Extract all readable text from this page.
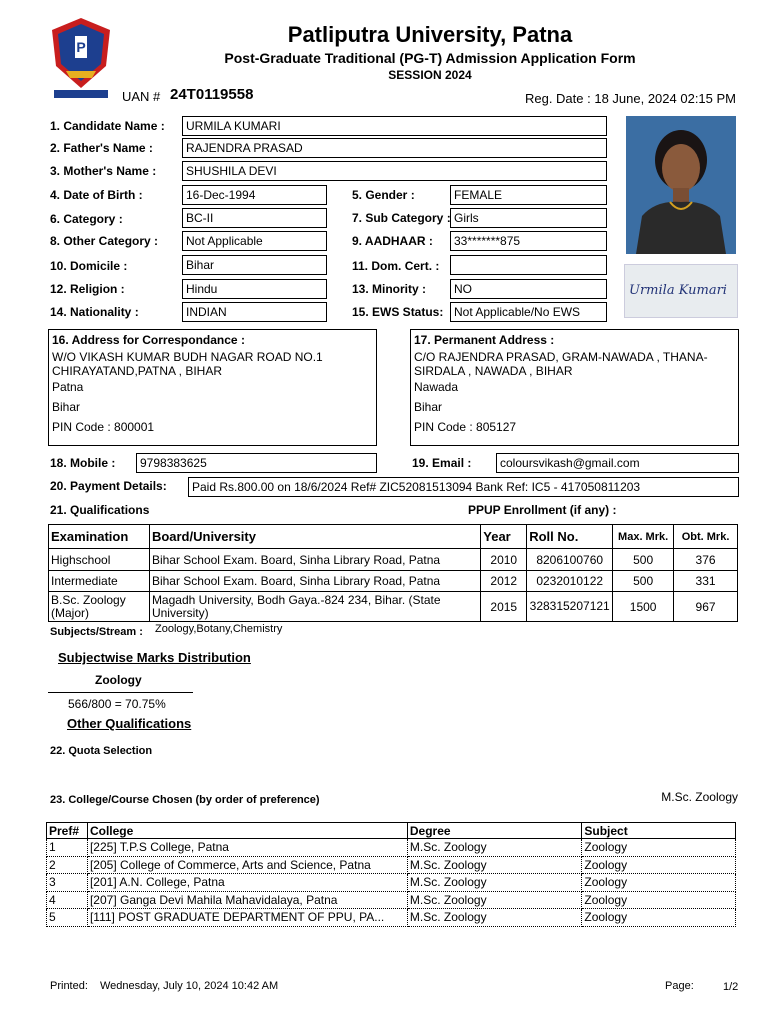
P	Patliputra University, Patna
Post-Graduate Traditional (PG-T) Admission Application Form
SESSION 2024
UAN # 24T0119558	Reg. Date : 18 June, 2024 02:15 PM
1. Candidate Name :	URMILA KUMARI
2. Father's Name :	RAJENDRA PRASAD
3. Mother's Name :	SHUSHILA DEVI
4. Date of Birth :	16-Dec-1994	5. Gender :	FEMALE
6. Category :	BC-II	7. Sub Category : Girls
8. Other Category :	Not Applicable	9. AADHAAR :	33*******875
10. Domicile :	Bihar	11. Dom. Cert. :
12. Religion :	Hindu	13. Minority :	NO
14. Nationality :	INDIAN	15. EWS Status: Not Applicable/No EWS
Urmila Kumari
16. Address for Correspondance :
W/O VIKASH KUMAR BUDH NAGAR ROAD NO.1
CHIRAYATAND,PATNA , BIHAR
Patna
Bihar
PIN Code : 800001
17. Permanent Address :
C/O RAJENDRA PRASAD, GRAM-NAWADA , THANA-
SIRDALA , NAWADA , BIHAR
Nawada
Bihar
PIN Code : 805127
18. Mobile :	9798383625	19. Email :	coloursvikash@gmail.com
20. Payment Details:	Paid Rs.800.00 on 18/6/2024 Ref# ZIC52081513094 Bank Ref: IC5 - 417050811203
21. Qualifications	PPUP Enrollment (if any) :
Examination	Board/University	Year	Roll No.	Max. Mrk.	Obt. Mrk.
Highschool	Bihar School Exam. Board, Sinha Library Road, Patna	2010	8206100760	500	376
Intermediate	Bihar School Exam. Board, Sinha Library Road, Patna	2012	0232010122	500	331
B.Sc. Zoology (Major)	Magadh University, Bodh Gaya.-824 234, Bihar. (State University)	2015	328315207121	1500	967
Subjects/Stream : Zoology,Botany,Chemistry
Subjectwise Marks Distribution
Zoology
566/800 = 70.75%
Other Qualifications
22. Quota Selection
23. College/Course Chosen (by order of preference)	M.Sc. Zoology
Pref#	College	Degree	Subject
1	[225] T.P.S College, Patna	M.Sc. Zoology	Zoology
2	[205] College of Commerce, Arts and Science, Patna	M.Sc. Zoology	Zoology
3	[201] A.N. College, Patna	M.Sc. Zoology	Zoology
4	[207] Ganga Devi Mahila Mahavidalaya, Patna	M.Sc. Zoology	Zoology
5	[111] POST GRADUATE DEPARTMENT OF PPU, PA...	M.Sc. Zoology	Zoology
Printed: Wednesday, July 10, 2024 10:42 AM	Page:	1/2
